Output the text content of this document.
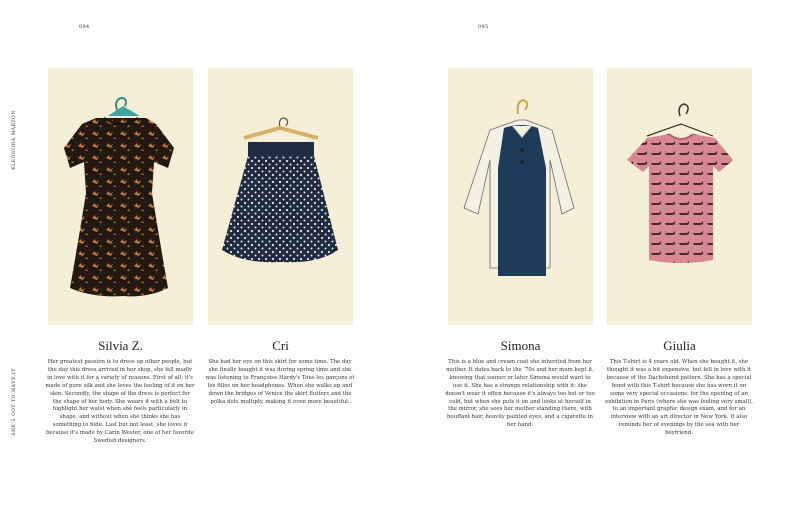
094	095
ELEONORA MARTON
SHE'S GOT TO HAVE IT
Silvia Z.	Cri	Simona	Giulia
Her greatest passion is to dress up other people, but the day this dress arrived in her shop, she fell madly in love with it for a variety of reasons. First of all, it's made of pure silk and she loves the feeling of it on her skin. Secondly, the shape of the dress is perfect for the shape of her body. She wears it with a belt to highlight her waist when she feels particularly in shape, and without when she thinks she has something to hide. Last but not least, she loves it because it's made by Carin Wester, one of her favorite Swedish designers.
She had her eye on this skirt for some time. The day she finally bought it was during spring time and she was listening to Françoise Hardy's Tous les garçons et les filles on her headphones. When she walks up and down the bridges of Venice the skirt flutters and the polka dots multiply, making it even more beautiful.
This is a blue and cream coat she inherited from her mother. It dates back to the '70s and her mum kept it, knowing that sooner or later Simona would want to use it. She has a strange relationship with it: she doesn't wear it often because it's always too hot or too cold, but when she puts it on and looks at herself in the mirror, she sees her mother standing there, with bouffant hair, heavily painted eyes, and a cigarette in her hand.
This T-shirt is 4 years old. When she bought it, she thought it was a bit expensive, but fell in love with it because of the Dachshund pattern. She has a special bond with this T-shirt because she has worn it on some very special occasions: for the opening of an exhibition in Paris (where she was feeling very small), to an important graphic design exam, and for an interview with an art director in New York. It also reminds her of evenings by the sea with her boyfriend.
